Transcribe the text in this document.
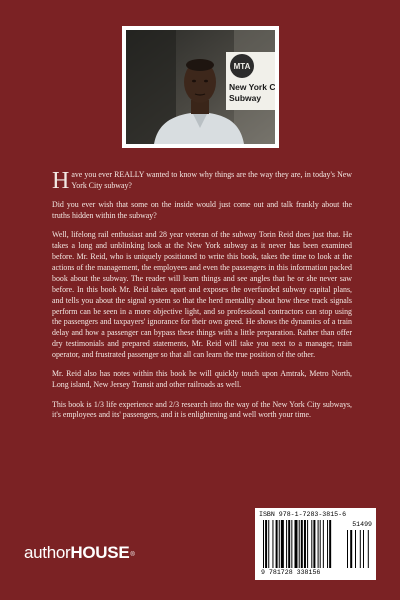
MTA
New York C
Subway

Have you ever REALLY wanted to know why things are the way they are, in today's New York City subway?

Did you ever wish that some on the inside would just come out and talk frankly about the truths hidden within the subway?

Well, lifelong rail enthusiast and 28 year veteran of the subway Torin Reid does just that. He takes a long and unblinking look at the New York subway as it never has been examined before. Mr. Reid, who is uniquely positioned to write this book, takes the time to look at the actions of the management, the employees and even the passengers in this information packed book about the subway. The reader will learn things and see angles that he or she never saw before. In this book Mr. Reid takes apart and exposes the overfunded subway capital plans, and tells you about the signal system so that the herd mentality about how these track signals perform can be seen in a more objective light, and so professional contractors can stop using the passengers and taxpayers' ignorance for their own greed. He shows the dynamics of a train delay and how a passenger can bypass these things with a little preparation. Rather than offer dry testimonials and prepared statements, Mr. Reid will take you next to a manager, train operator, and frustrated passenger so that all can learn the true position of the other.

Mr. Reid also has notes within this book he will quickly touch upon Amtrak, Metro North, Long island, New Jersey Transit and other railroads as well.

This book is 1/3 life experience and 2/3 research into the way of the New York City subways, it's employees and its' passengers, and it is enlightening and well worth your time.

authorHOUSE®
ISBN 978-1-7283-3815-6
51499
9 781728 338156
